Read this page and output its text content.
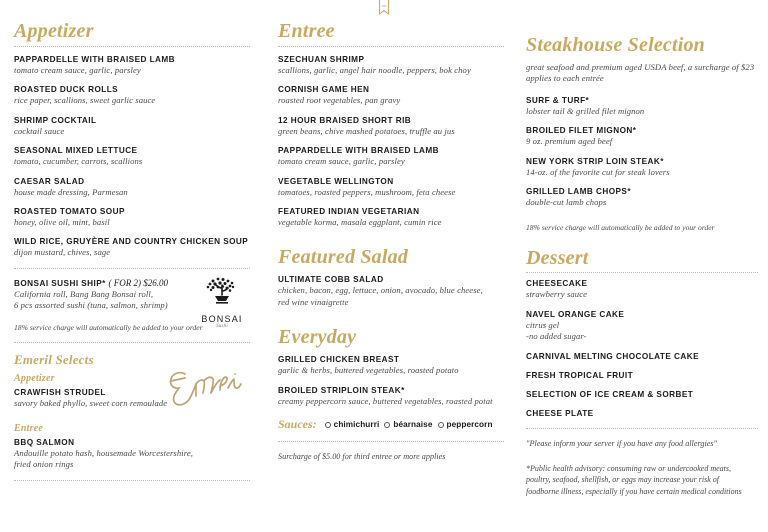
Appetizer
PAPPARDELLE WITH BRAISED LAMB
tomato cream sauce, garlic, parsley
ROASTED DUCK ROLLS
rice paper, scallions, sweet garlic sauce
SHRIMP COCKTAIL
cocktail sauce
SEASONAL MIXED LETTUCE
tomato, cucumber, carrots, scallions
CAESAR SALAD
house made dressing, Parmesan
ROASTED TOMATO SOUP
honey, olive oil, mint, basil
WILD RICE, GRUYÈRE AND COUNTRY CHICKEN SOUP
dijon mustard, chives, sage
BONSAI
Sushi
BONSAI SUSHI SHIP* ( FOR 2) $26.00
California roll, Bang Bang Bonsai roll,
6 pcs assorted sushi (tuna, salmon, shrimp)
18% service charge will automatically be added to your order
Emeril Selects
Appetizer
CRAWFISH STRUDEL
savory baked phyllo, sweet corn remoulade
Entree
BBQ SALMON
Andouille potato hash, housemade Worcestershire,
fried onion rings
Entree
SZECHUAN SHRIMP
scallions, garlic, angel hair noodle, peppers, bok choy
CORNISH GAME HEN
roasted root vegetables, pan gravy
12 HOUR BRAISED SHORT RIB
green beans, chive mashed potatoes, truffle au jus
PAPPARDELLE WITH BRAISED LAMB
tomato cream sauce, garlic, parsley
VEGETABLE WELLINGTON
tomatoes, roasted peppers, mushroom, feta cheese
FEATURED INDIAN VEGETARIAN
vegetable korma, masala eggplant, cumin rice
Featured Salad
ULTIMATE COBB SALAD
chicken, bacon, egg, lettuce, onion, avocado, blue cheese,
red wine vinaigrette
Everyday
GRILLED CHICKEN BREAST
garlic & herbs, buttered vegetables, roasted potato
BROILED STRIPLOIN STEAK*
creamy peppercorn sauce, buttered vegetables, roasted potat
Sauces: chimichurri béarnaise peppercorn
Surcharge of $5.00 for third entree or more applies
Steakhouse Selection
great seafood and premium aged USDA beef, a surcharge of $23
applies to each entrée
SURF & TURF*
lobster tail & grilled filet mignon
BROILED FILET MIGNON*
9 oz. premium aged beef
NEW YORK STRIP LOIN STEAK*
14-oz. of the favorite cut for steak lovers
GRILLED LAMB CHOPS*
double-cut lamb chops
18% service charge will automatically be added to your order
Dessert
CHEESECAKE
strawberry sauce
NAVEL ORANGE CAKE
citrus gel
-no added sugar-
CARNIVAL MELTING CHOCOLATE CAKE
FRESH TROPICAL FRUIT
SELECTION OF ICE CREAM & SORBET
CHEESE PLATE
"Please inform your server if you have any food allergies"
*Public health advisory: consuming raw or undercooked meats,
poultry, seafood, shellfish, or eggs may increase your risk of
foodborne illness, especially if you have certain medical conditions
